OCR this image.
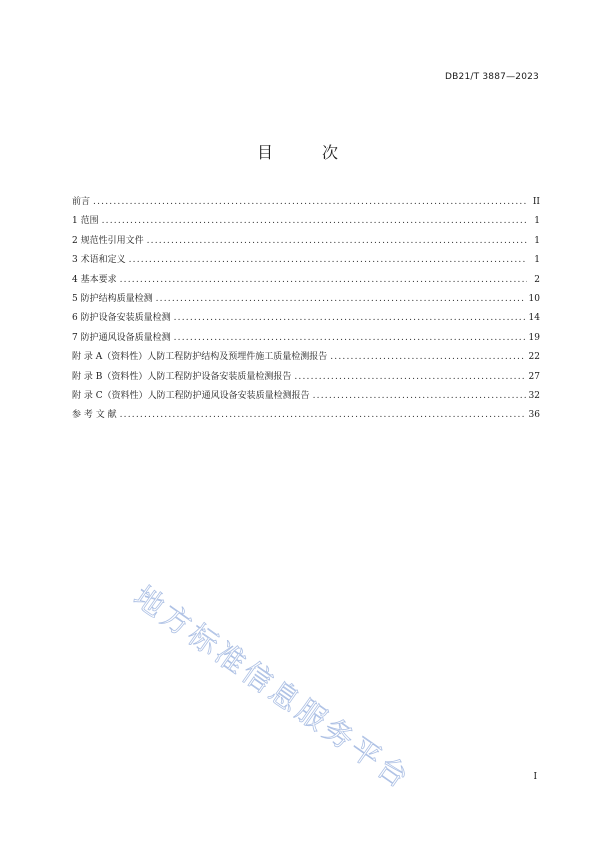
DB21/T 3887—2023
目 次
前言 .....	II
1 范围 .....	1
2 规范性引用文件 .....	1
3 术语和定义 .....	1
4 基本要求 .....	2
5 防护结构质量检测 .....	10
6 防护设备安装质量检测 .....	14
7 防护通风设备质量检测 .....	19
附 录 A（资料性）人防工程防护结构及预埋件施工质量检测报告 .....	22
附 录 B（资料性）人防工程防护设备安装质量检测报告 .....	27
附 录 C（资料性）人防工程防护通风设备安装质量检测报告 .....	32
参 考 文 献 .....	36
地方标准信息服务平台	I
